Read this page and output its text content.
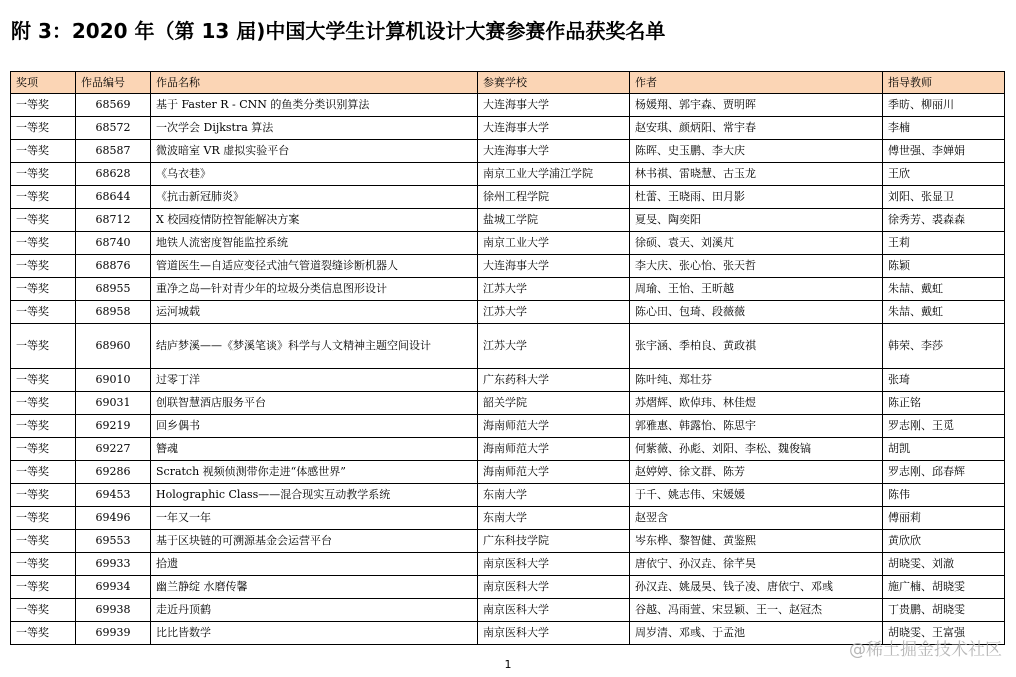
附 3：2020 年（第 13 届)中国大学生计算机设计大赛参赛作品获奖名单
奖项	作品编号	作品名称	参赛学校	作者	指导教师
一等奖	68569	基于 Faster R - CNN 的鱼类分类识别算法	大连海事大学	杨媛翔、郭宇森、贾明晖	季昉、柳丽川
一等奖	68572	一次学会 Dijkstra 算法	大连海事大学	赵安琪、颜炳阳、常宇春	李楠
一等奖	68587	微波暗室 VR 虚拟实验平台	大连海事大学	陈晖、史玉鹏、李大庆	傅世强、李婵娟
一等奖	68628	《乌衣巷》	南京工业大学浦江学院	林书祺、雷晓慧、古玉龙	王欣
一等奖	68644	《抗击新冠肺炎》	徐州工程学院	杜蕾、王晓雨、田月影	刘阳、张显卫
一等奖	68712	X 校园疫情防控智能解决方案	盐城工学院	夏旻、陶奕阳	徐秀芳、裘森森
一等奖	68740	地铁人流密度智能监控系统	南京工业大学	徐硕、袁天、刘溪芃	王莉
一等奖	68876	管道医生—自适应变径式油气管道裂缝诊断机器人	大连海事大学	李大庆、张心怡、张天哲	陈颖
一等奖	68955	重净之岛—针对青少年的垃圾分类信息图形设计	江苏大学	周瑜、王怡、王昕越	朱喆、戴虹
一等奖	68958	运河城载	江苏大学	陈心田、包琦、段薇薇	朱喆、戴虹
一等奖	68960	结庐梦溪——《梦溪笔谈》科学与人文精神主题空间设计	江苏大学	张宇涵、季柏良、黄政祺	韩荣、李莎
一等奖	69010	过零丁洋	广东药科大学	陈叶纯、郑壮芬	张琦
一等奖	69031	创联智慧酒店服务平台	韶关学院	苏熠辉、欧倬玮、林佳煜	陈正铭
一等奖	69219	回乡偶书	海南师范大学	郭雅惠、韩露怡、陈思宇	罗志刚、王觅
一等奖	69227	簪魂	海南师范大学	何紫薇、孙彪、刘阳、李松、魏俊镐	胡凯
一等奖	69286	Scratch 视频侦测带你走进“体感世界”	海南师范大学	赵婷婷、徐文群、陈芳	罗志刚、邱春辉
一等奖	69453	Holographic Class——混合现实互动教学系统	东南大学	于千、姚志伟、宋媛媛	陈伟
一等奖	69496	一年又一年	东南大学	赵翌含	傅丽莉
一等奖	69553	基于区块链的可溯源基金会运营平台	广东科技学院	岑东桦、黎智健、黄鉴熙	黄欣欣
一等奖	69933	拾遗	南京医科大学	唐依宁、孙汉垚、徐芊昊	胡晓雯、刘澈
一等奖	69934	幽兰静绽 水磨传馨	南京医科大学	孙汉垚、姚晟昊、钱子凌、唐依宁、邓彧	施广楠、胡晓雯
一等奖	69938	走近丹顶鹤	南京医科大学	谷越、冯雨萱、宋昱颖、王一、赵冠杰	丁贵鹏、胡晓雯
一等奖	69939	比比皆数学	南京医科大学	周岁清、邓彧、于孟池	胡晓雯、王富强
1
@稀土掘金技术社区
